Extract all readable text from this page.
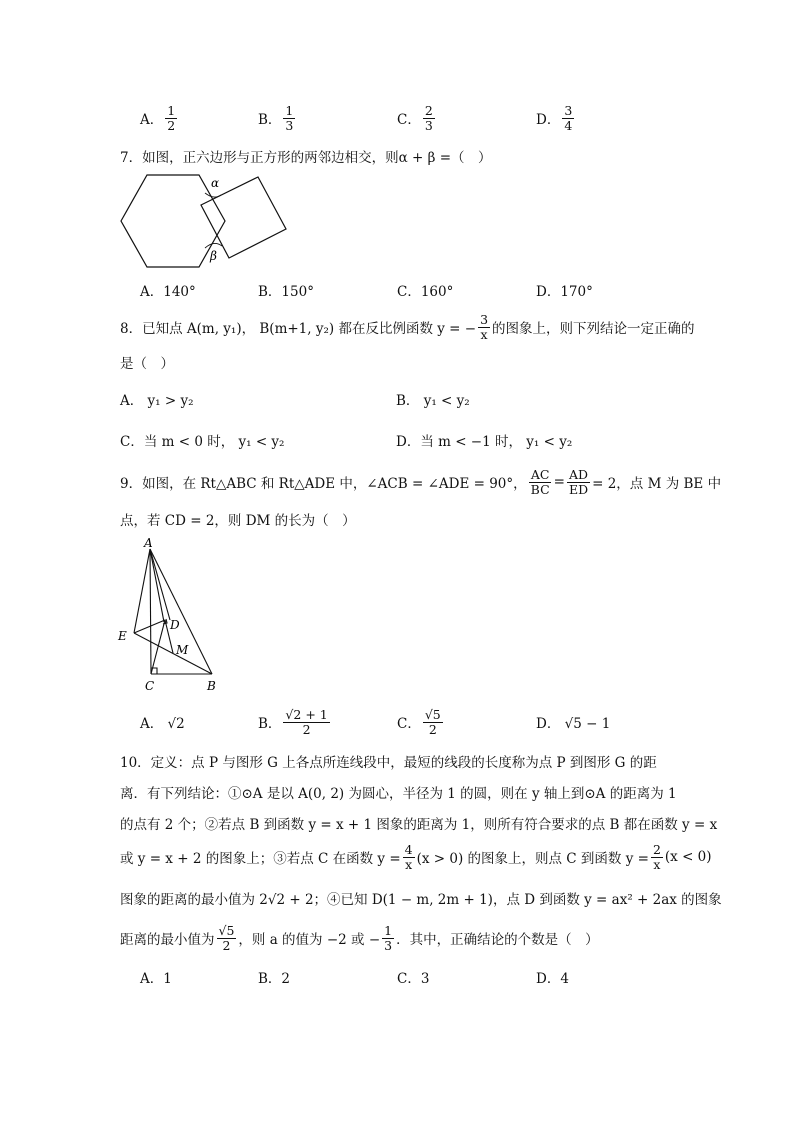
A． $\frac{1}{2}$	B． $\frac{1}{3}$	C． $\frac{2}{3}$	D． $\frac{3}{4}$
7．如图，正六边形与正方形的两邻边相交，则α + β =（　）
α
β
A．140°	B．150°	C．160°	D．170°
8．已知点 A(m, y₁)， B(m+1, y₂) 都在反比例函数 y = − $\frac{3}{x}$ 的图象上，则下列结论一定正确的
是（　）
A． y₁ > y₂	B． y₁ < y₂
C．当 m < 0 时， y₁ < y₂	D．当 m < −1 时， y₁ < y₂
9．如图，在 Rt△ABC 和 Rt△ADE 中，∠ACB = ∠ADE = 90°， $\frac{AC}{BC} = \frac{AD}{ED} = 2$，点 M 为 BE 中
点，若 CD = 2，则 DM 的长为（　）
A
D
E
M
C	B
A． √2	B． $\frac{√2 + 1}{2}$	C． $\frac{√5}{2}$	D． √5 − 1
10．定义：点 P 与图形 G 上各点所连线段中，最短的线段的长度称为点 P 到图形 G 的距
离．有下列结论：①⊙A 是以 A(0, 2) 为圆心，半径为 1 的圆，则在 y 轴上到⊙A 的距离为 1
的点有 2 个；②若点 B 到函数 y = x + 1 图象的距离为 1，则所有符合要求的点 B 都在函数 y = x
或 y = x + 2 的图象上；③若点 C 在函数 $y = \frac{4}{x} (x > 0)$ 的图象上，则点 C 到函数 $y = \frac{2}{x} (x < 0)$
图象的距离的最小值为 2√2 + 2；④已知 D(1 − m, 2m + 1)，点 D 到函数 y = ax² + 2ax 的图象
距离的最小值为 $\frac{√5}{2}$ ，则 a 的值为 −2 或 − $\frac{1}{3}$ ．其中，正确结论的个数是（　）
A．1	B．2	C．3	D．4
